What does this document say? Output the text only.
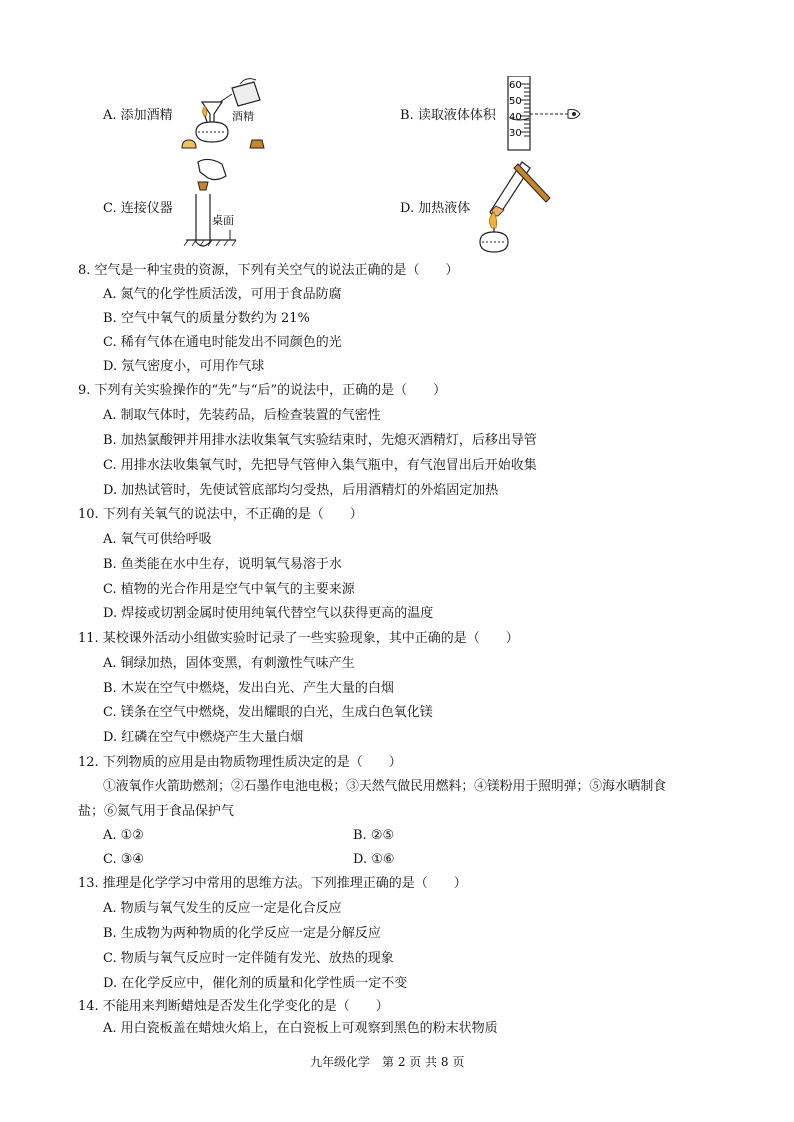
A. 添加酒精	酒精	B. 读取液体体积
60
50
40
30
C. 连接仪器
桌面
D. 加热液体
8. 空气是一种宝贵的资源，下列有关空气的说法正确的是（　　）
A. 氮气的化学性质活泼，可用于食品防腐
B. 空气中氧气的质量分数约为 21%
C. 稀有气体在通电时能发出不同颜色的光
D. 氖气密度小，可用作气球
9. 下列有关实验操作的“先”与“后”的说法中，正确的是（　　）
A. 制取气体时，先装药品，后检查装置的气密性
B. 加热氯酸钾并用排水法收集氧气实验结束时，先熄灭酒精灯，后移出导管
C. 用排水法收集氧气时，先把导气管伸入集气瓶中，有气泡冒出后开始收集
D. 加热试管时，先使试管底部均匀受热，后用酒精灯的外焰固定加热
10. 下列有关氧气的说法中，不正确的是（　　）
A. 氧气可供给呼吸
B. 鱼类能在水中生存，说明氧气易溶于水
C. 植物的光合作用是空气中氧气的主要来源
D. 焊接或切割金属时使用纯氧代替空气以获得更高的温度
11. 某校课外活动小组做实验时记录了一些实验现象，其中正确的是（　　）
A. 铜绿加热，固体变黑，有刺激性气味产生
B. 木炭在空气中燃烧，发出白光、产生大量的白烟
C. 镁条在空气中燃烧，发出耀眼的白光，生成白色氧化镁
D. 红磷在空气中燃烧产生大量白烟
12. 下列物质的应用是由物质物理性质决定的是（　　）
①液氧作火箭助燃剂；②石墨作电池电极；③天然气做民用燃料；④镁粉用于照明弹；⑤海水晒制食
盐；⑥氮气用于食品保护气
A. ①②	B. ②⑤
C. ③④	D. ①⑥
13. 推理是化学学习中常用的思维方法。下列推理正确的是（　　）
A. 物质与氧气发生的反应一定是化合反应
B. 生成物为两种物质的化学反应一定是分解反应
C. 物质与氧气反应时一定伴随有发光、放热的现象
D. 在化学反应中，催化剂的质量和化学性质一定不变
14. 不能用来判断蜡烛是否发生化学变化的是（　　）
A. 用白瓷板盖在蜡烛火焰上，在白瓷板上可观察到黑色的粉末状物质
九年级化学　第 2 页 共 8 页
